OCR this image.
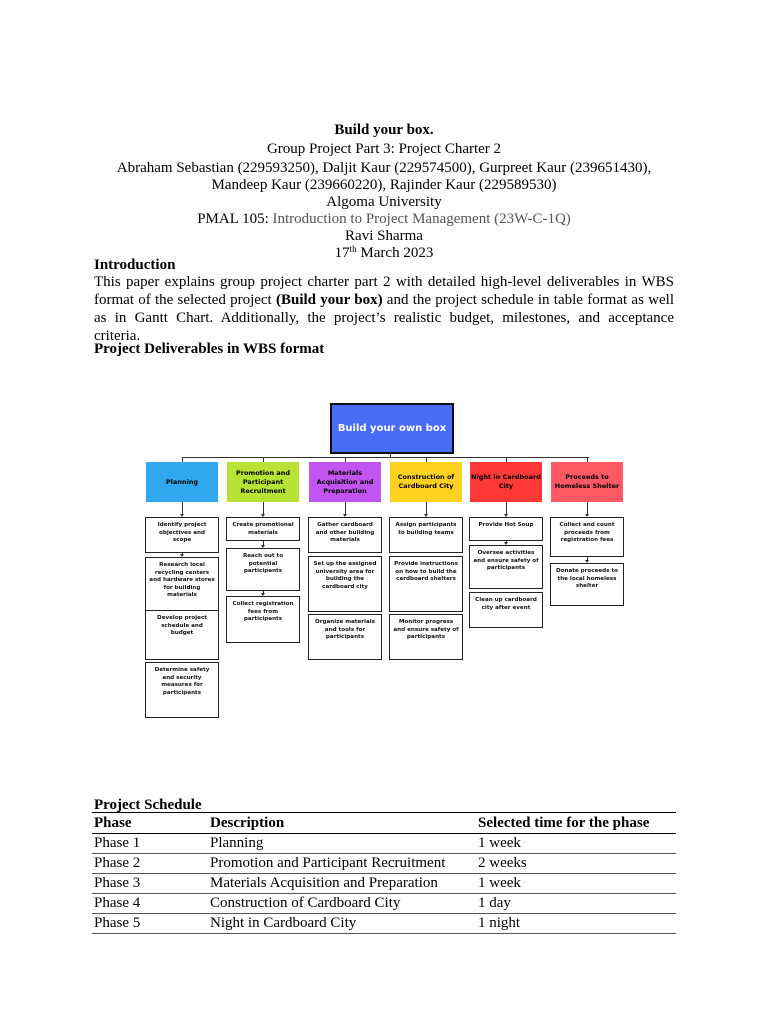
Build your box.
Group Project Part 3: Project Charter 2
Abraham Sebastian (229593250), Daljit Kaur (229574500), Gurpreet Kaur (239651430),
Mandeep Kaur (239660220), Rajinder Kaur (229589530)
Algoma University
PMAL 105: Introduction to Project Management (23W-C-1Q)
Ravi Sharma
17th March 2023
Introduction
This paper explains group project charter part 2 with detailed high-level deliverables in WBS format of the selected project (Build your box) and the project schedule in table format as well as in Gantt Chart. Additionally, the project’s realistic budget, milestones, and acceptance criteria.
Project Deliverables in WBS format
Build your own box
Planning
Identify project objectives and scope
Research local recycling centers and hardware stores for building materials
Develop project schedule and budget
Determine safety and security measures for participants
Promotion and Participant Recruitment
Create promotional materials
Reach out to potential participants
Collect registration fees from participants
Materials Acquisition and Preparation
Gather cardboard and other building materials
Set up the assigned university area for building the cardboard city
Organize materials and tools for participants
Construction of Cardboard City
Assign participants to building teams
Provide instructions on how to build the cardboard shelters
Monitor progress and ensure safety of participants
Night in Cardboard City
Provide Hot Soup
Oversee activities and ensure safety of participants
Clean up cardboard city after event
Proceeds to Homeless Shelter
Collect and count proceeds from registration fees
Donate proceeds to the local homeless shelter
Project Schedule
Phase	Description	Selected time for the phase
Phase 1	Planning	1 week
Phase 2	Promotion and Participant Recruitment	2 weeks
Phase 3	Materials Acquisition and Preparation	1 week
Phase 4	Construction of Cardboard City	1 day
Phase 5	Night in Cardboard City	1 night
